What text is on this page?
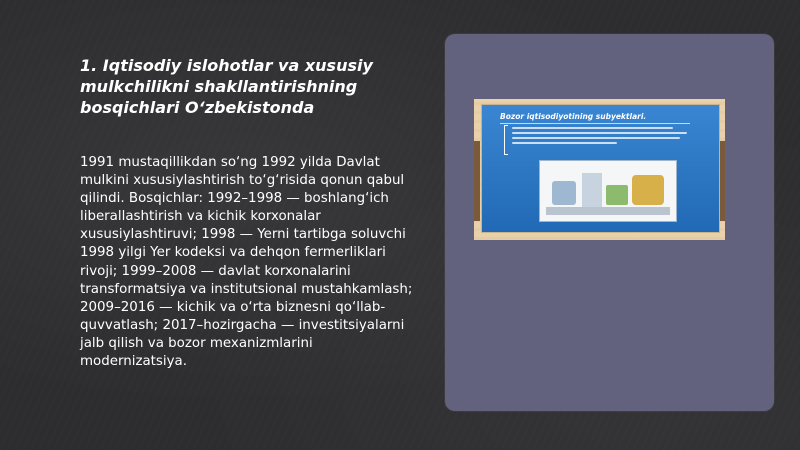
1. Iqtisodiy islohotlar va xususiy mulkchilikni shakllantirishning bosqichlari O‘zbekistonda

1991 mustaqillikdan so‘ng 1992 yilda Davlat mulkini xususiylashtirish to‘g‘risida qonun qabul qilindi. Bosqichlar: 1992–1998 — boshlang‘ich liberallashtirish va kichik korxonalar xususiylashtiruvi; 1998 — Yerni tartibga soluvchi 1998 yilgi Yer kodeksi va dehqon fermerliklari rivoji; 1999–2008 — davlat korxonalarini transformatsiya va institutsional mustahkamlash; 2009–2016 — kichik va o‘rta biznesni qo‘llab-quvvatlash; 2017–hozirgacha — investitsiyalarni jalb qilish va bozor mexanizmlarini modernizatsiya.

Bozor iqtisodiyotining subyektlari.
